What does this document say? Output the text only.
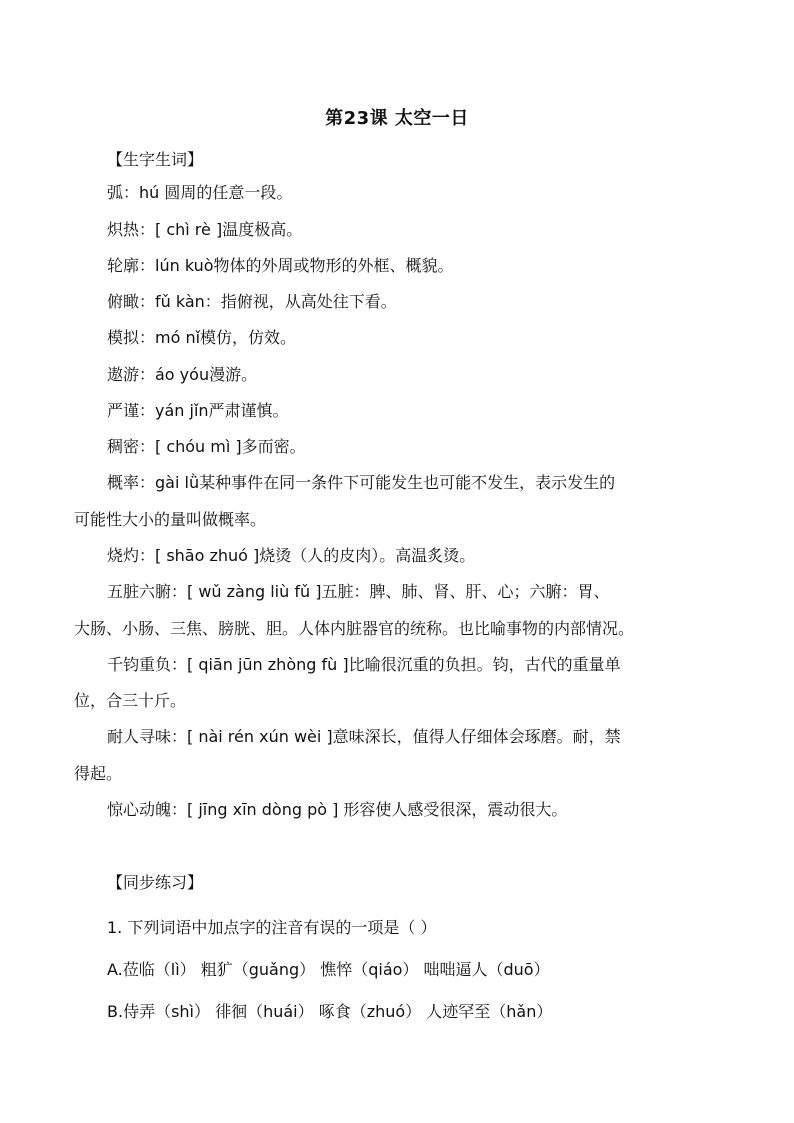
第23课 太空一日
【生字生词】
弧：hú 圆周的任意一段。
炽热：[ chì rè ]温度极高。
轮廓：lún kuò物体的外周或物形的外框、概貌。
俯瞰：fǔ kàn：指俯视，从高处往下看。
模拟：mó nǐ模仿，仿效。
遨游：áo yóu漫游。
严谨：yán jǐn严肃谨慎。
稠密：[ chóu mì ]多而密。
概率：gài lǜ某种事件在同一条件下可能发生也可能不发生，表示发生的
可能性大小的量叫做概率。
烧灼：[ shāo zhuó ]烧烫（人的皮肉）。高温炙烫。
五脏六腑：[ wǔ zàng liù fǔ ]五脏：脾、肺、肾、肝、心；六腑：胃、
大肠、小肠、三焦、膀胱、胆。人体内脏器官的统称。也比喻事物的内部情况。
千钧重负：[ qiān jūn zhòng fù ]比喻很沉重的负担。钧，古代的重量单
位，合三十斤。
耐人寻味：[ nài rén xún wèi ]意味深长，值得人仔细体会琢磨。耐，禁
得起。
惊心动魄：[ jīng xīn dòng pò ] 形容使人感受很深，震动很大。
【同步练习】
1. 下列词语中加点字的注音有误的一项是（ ）
A.莅临（lì） 粗犷（guǎng） 憔悴（qiáo） 咄咄逼人（duō）
B.侍弄（shì） 徘徊（huái） 啄食（zhuó） 人迹罕至（hǎn）
